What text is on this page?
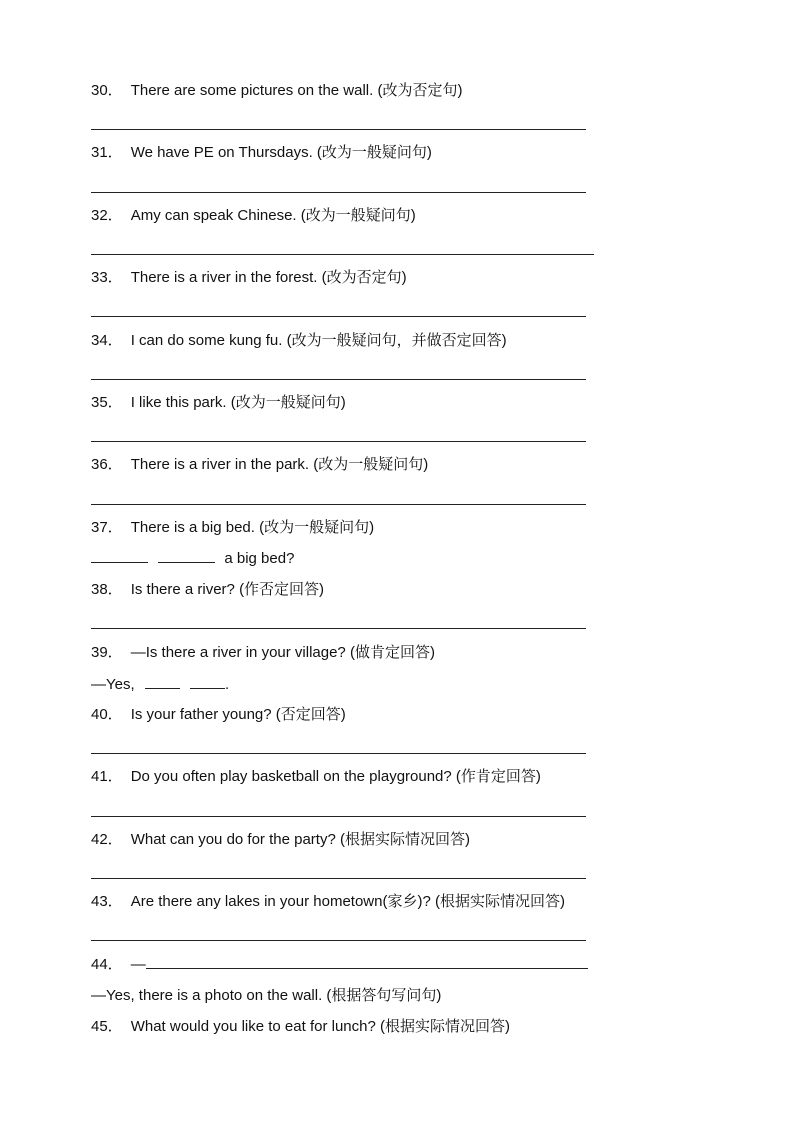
30． There are some pictures on the wall. (改为否定句)
31． We have PE on Thursdays. (改为一般疑问句)
32． Amy can speak Chinese. (改为一般疑问句)
33． There is a river in the forest. (改为否定句)
34． I can do some kung fu. (改为一般疑问句，并做否定回答)
35． I like this park. (改为一般疑问句)
36． There is a river in the park. (改为一般疑问句)
37． There is a big bed. (改为一般疑问句)
a big bed?
38． Is there a river? (作否定回答)
39． —Is there a river in your village? (做肯定回答)
—Yes,	.
40． Is your father young? (否定回答)
41． Do you often play basketball on the playground? (作肯定回答)
42． What can you do for the party? (根据实际情况回答)
43． Are there any lakes in your hometown(家乡)? (根据实际情况回答)
44． —
—Yes, there is a photo on the wall. (根据答句写问句)
45． What would you like to eat for lunch? (根据实际情况回答)
